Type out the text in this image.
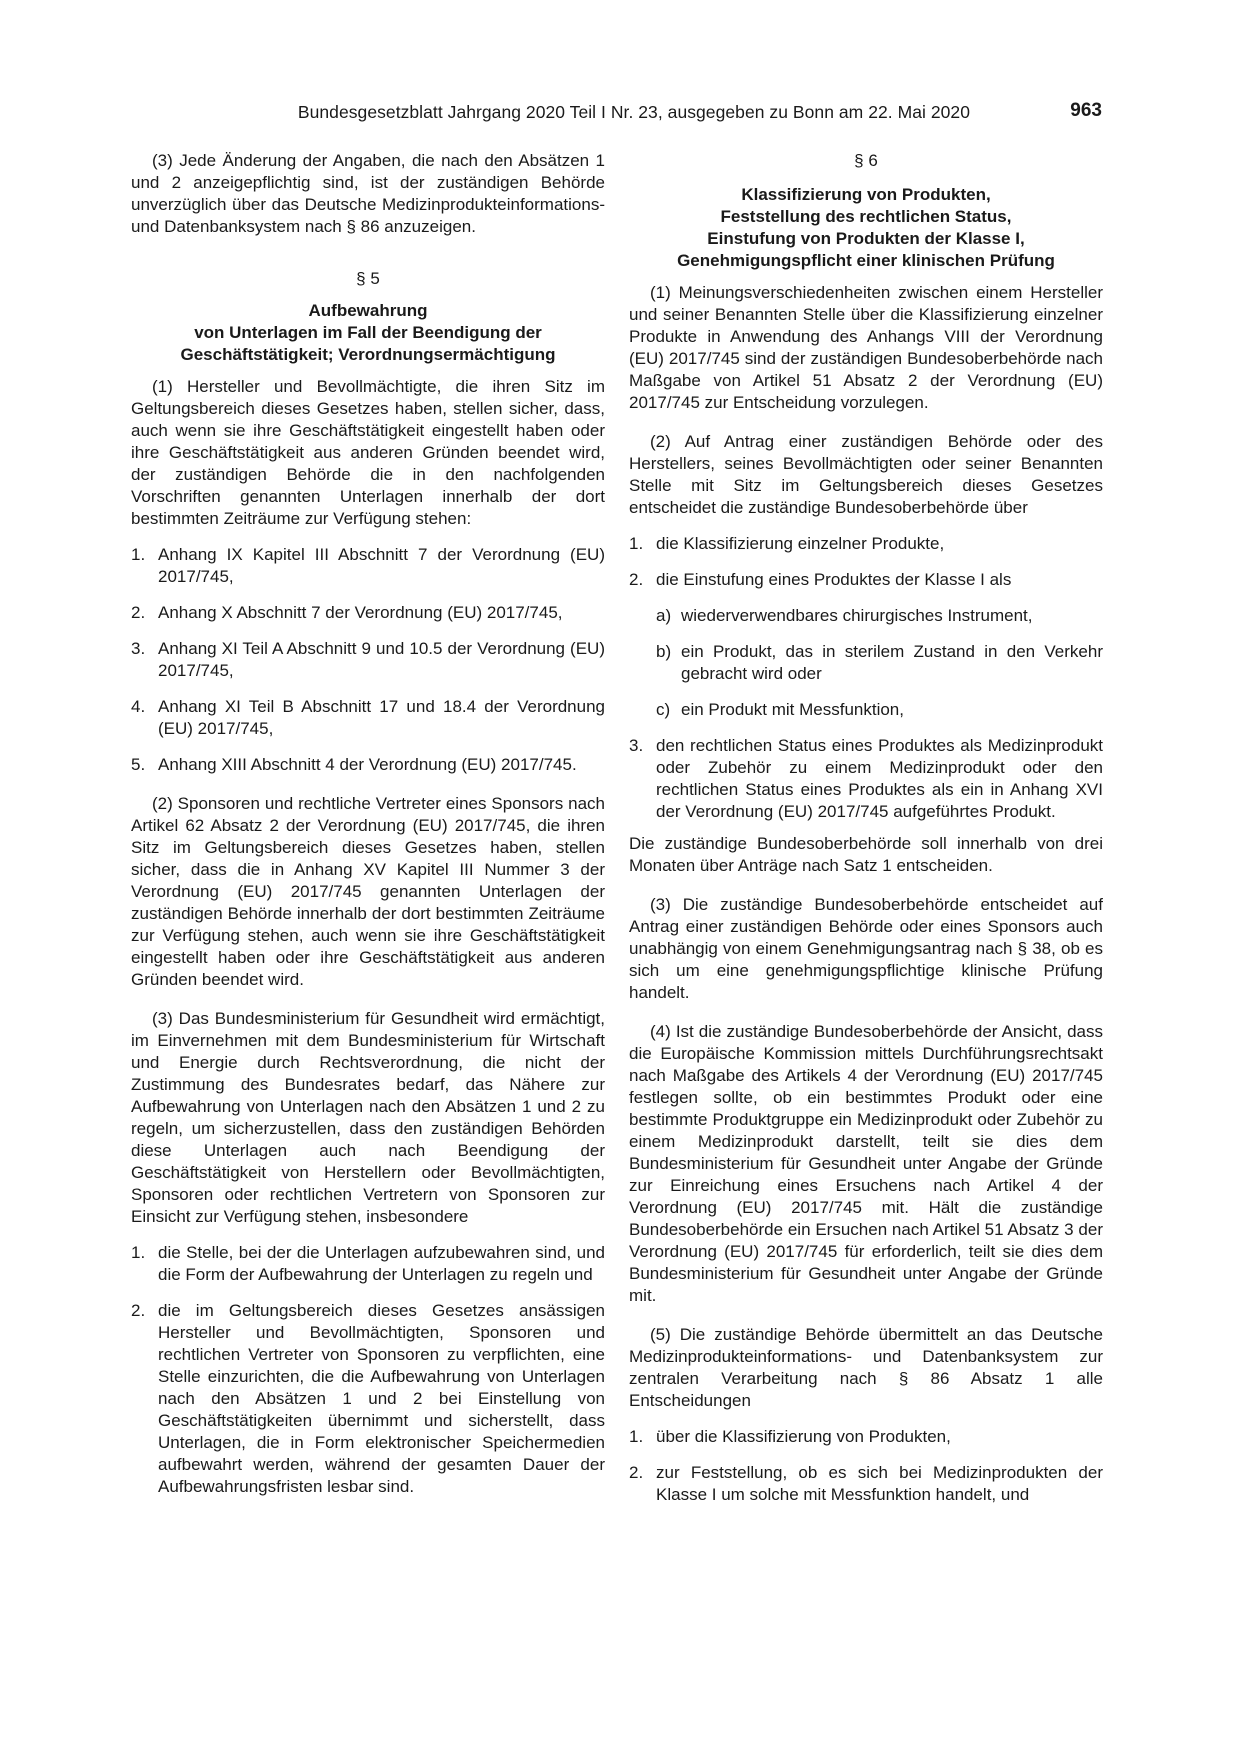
Bundesgesetzblatt Jahrgang 2020 Teil I Nr. 23, ausgegeben zu Bonn am 22. Mai 2020	963

(3) Jede Änderung der Angaben, die nach den Absätzen 1 und 2 anzeigepflichtig sind, ist der zuständigen Behörde unverzüglich über das Deutsche Medizinprodukteinformations- und Datenbanksystem nach § 86 anzuzeigen.

§ 5

Aufbewahrung

von Unterlagen im Fall der Beendigung der

Geschäftstätigkeit; Verordnungsermächtigung

(1) Hersteller und Bevollmächtigte, die ihren Sitz im Geltungsbereich dieses Gesetzes haben, stellen sicher, dass, auch wenn sie ihre Geschäftstätigkeit eingestellt haben oder ihre Geschäftstätigkeit aus anderen Gründen beendet wird, der zuständigen Behörde die in den nachfolgenden Vorschriften genannten Unterlagen innerhalb der dort bestimmten Zeiträume zur Verfügung stehen:

1. Anhang IX Kapitel III Abschnitt 7 der Verordnung (EU) 2017/745,
2. Anhang X Abschnitt 7 der Verordnung (EU) 2017/745,
3. Anhang XI Teil A Abschnitt 9 und 10.5 der Verordnung (EU) 2017/745,
4. Anhang XI Teil B Abschnitt 17 und 18.4 der Verordnung (EU) 2017/745,
5. Anhang XIII Abschnitt 4 der Verordnung (EU) 2017/745.

(2) Sponsoren und rechtliche Vertreter eines Sponsors nach Artikel 62 Absatz 2 der Verordnung (EU) 2017/745, die ihren Sitz im Geltungsbereich dieses Gesetzes haben, stellen sicher, dass die in Anhang XV Kapitel III Nummer 3 der Verordnung (EU) 2017/745 genannten Unterlagen der zuständigen Behörde innerhalb der dort bestimmten Zeiträume zur Verfügung stehen, auch wenn sie ihre Geschäftstätigkeit eingestellt haben oder ihre Geschäftstätigkeit aus anderen Gründen beendet wird.

(3) Das Bundesministerium für Gesundheit wird ermächtigt, im Einvernehmen mit dem Bundesministerium für Wirtschaft und Energie durch Rechtsverordnung, die nicht der Zustimmung des Bundesrates bedarf, das Nähere zur Aufbewahrung von Unterlagen nach den Absätzen 1 und 2 zu regeln, um sicherzustellen, dass den zuständigen Behörden diese Unterlagen auch nach Beendigung der Geschäftstätigkeit von Herstellern oder Bevollmächtigten, Sponsoren oder rechtlichen Vertretern von Sponsoren zur Einsicht zur Verfügung stehen, insbesondere

1. die Stelle, bei der die Unterlagen aufzubewahren sind, und die Form der Aufbewahrung der Unterlagen zu regeln und
2. die im Geltungsbereich dieses Gesetzes ansässigen Hersteller und Bevollmächtigten, Sponsoren und rechtlichen Vertreter von Sponsoren zu verpflichten, eine Stelle einzurichten, die die Aufbewahrung von Unterlagen nach den Absätzen 1 und 2 bei Einstellung von Geschäftstätigkeiten übernimmt und sicherstellt, dass Unterlagen, die in Form elektronischer Speichermedien aufbewahrt werden, während der gesamten Dauer der Aufbewahrungsfristen lesbar sind.

§ 6

Klassifizierung von Produkten,

Feststellung des rechtlichen Status,

Einstufung von Produkten der Klasse I,

Genehmigungspflicht einer klinischen Prüfung

(1) Meinungsverschiedenheiten zwischen einem Hersteller und seiner Benannten Stelle über die Klassifizierung einzelner Produkte in Anwendung des Anhangs VIII der Verordnung (EU) 2017/745 sind der zuständigen Bundesoberbehörde nach Maßgabe von Artikel 51 Absatz 2 der Verordnung (EU) 2017/745 zur Entscheidung vorzulegen.

(2) Auf Antrag einer zuständigen Behörde oder des Herstellers, seines Bevollmächtigten oder seiner Benannten Stelle mit Sitz im Geltungsbereich dieses Gesetzes entscheidet die zuständige Bundesoberbehörde über

1. die Klassifizierung einzelner Produkte,
2. die Einstufung eines Produktes der Klasse I als
a) wiederverwendbares chirurgisches Instrument,
b) ein Produkt, das in sterilem Zustand in den Verkehr gebracht wird oder
c) ein Produkt mit Messfunktion,
3. den rechtlichen Status eines Produktes als Medizinprodukt oder Zubehör zu einem Medizinprodukt oder den rechtlichen Status eines Produktes als ein in Anhang XVI der Verordnung (EU) 2017/745 aufgeführtes Produkt.

Die zuständige Bundesoberbehörde soll innerhalb von drei Monaten über Anträge nach Satz 1 entscheiden.

(3) Die zuständige Bundesoberbehörde entscheidet auf Antrag einer zuständigen Behörde oder eines Sponsors auch unabhängig von einem Genehmigungsantrag nach § 38, ob es sich um eine genehmigungspflichtige klinische Prüfung handelt.

(4) Ist die zuständige Bundesoberbehörde der Ansicht, dass die Europäische Kommission mittels Durchführungsrechtsakt nach Maßgabe des Artikels 4 der Verordnung (EU) 2017/745 festlegen sollte, ob ein bestimmtes Produkt oder eine bestimmte Produktgruppe ein Medizinprodukt oder Zubehör zu einem Medizinprodukt darstellt, teilt sie dies dem Bundesministerium für Gesundheit unter Angabe der Gründe zur Einreichung eines Ersuchens nach Artikel 4 der Verordnung (EU) 2017/745 mit. Hält die zuständige Bundesoberbehörde ein Ersuchen nach Artikel 51 Absatz 3 der Verordnung (EU) 2017/745 für erforderlich, teilt sie dies dem Bundesministerium für Gesundheit unter Angabe der Gründe mit.

(5) Die zuständige Behörde übermittelt an das Deutsche Medizinprodukteinformations- und Datenbanksystem zur zentralen Verarbeitung nach § 86 Absatz 1 alle Entscheidungen

1. über die Klassifizierung von Produkten,
2. zur Feststellung, ob es sich bei Medizinprodukten der Klasse I um solche mit Messfunktion handelt, und
